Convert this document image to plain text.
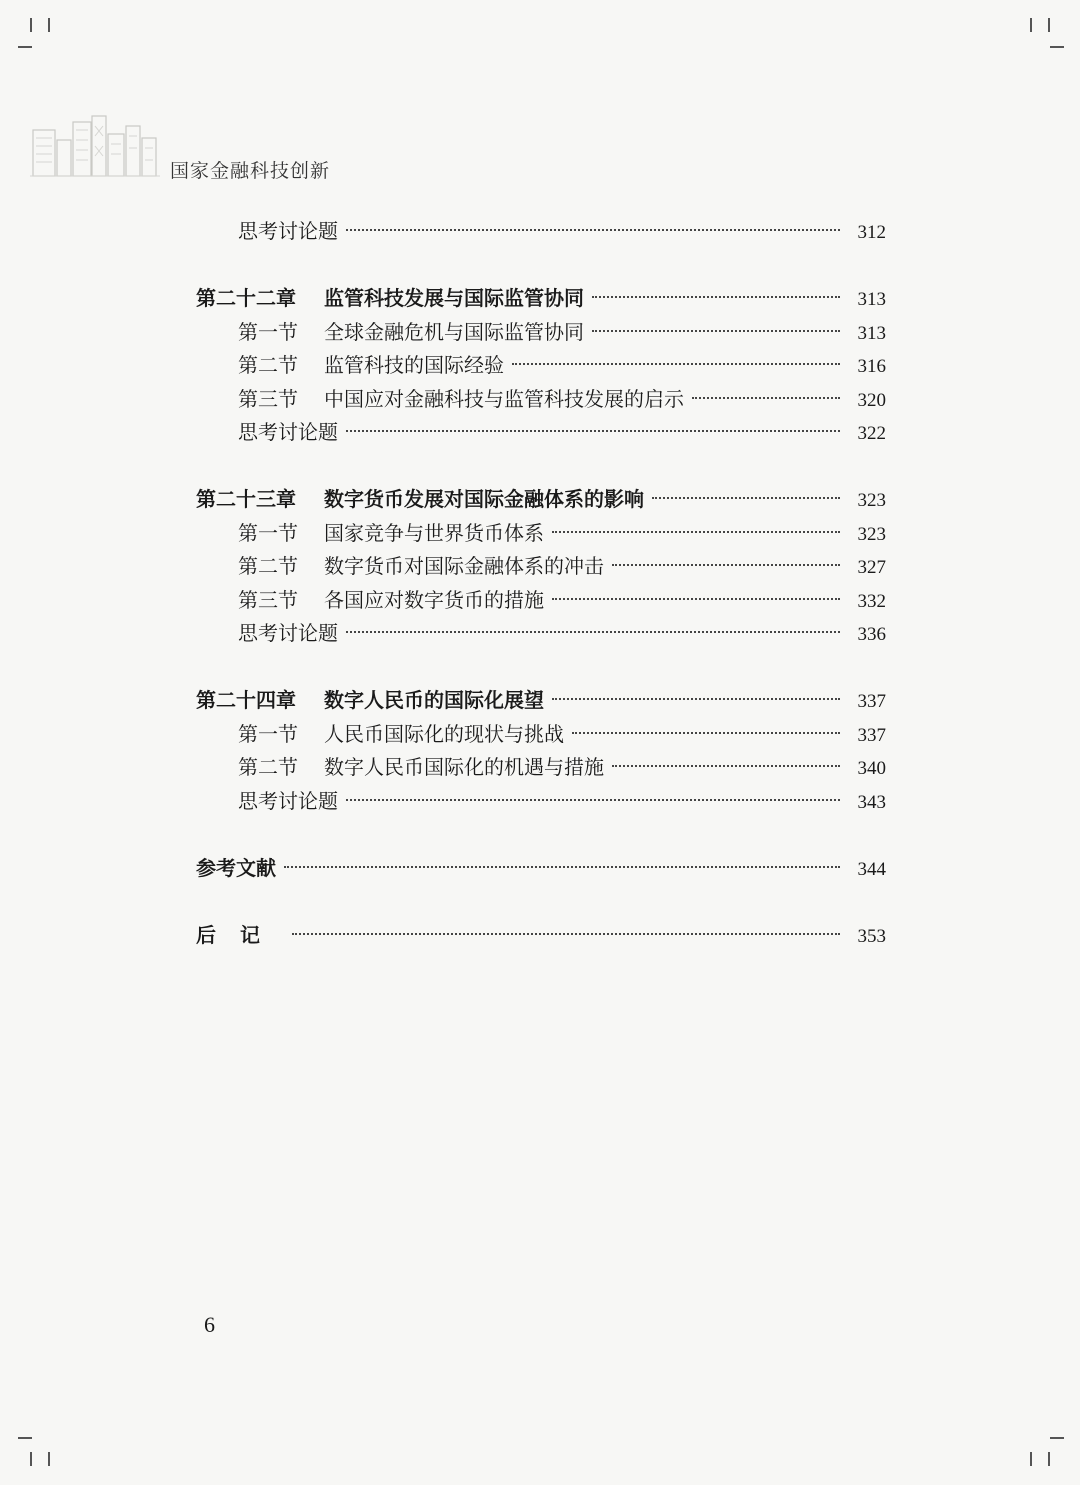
国家金融科技创新
思考讨论题	312
第二十二章	监管科技发展与国际监管协同	313
第一节	全球金融危机与国际监管协同	313
第二节	监管科技的国际经验	316
第三节	中国应对金融科技与监管科技发展的启示	320
思考讨论题	322
第二十三章	数字货币发展对国际金融体系的影响	323
第一节	国家竞争与世界货币体系	323
第二节	数字货币对国际金融体系的冲击	327
第三节	各国应对数字货币的措施	332
思考讨论题	336
第二十四章	数字人民币的国际化展望	337
第一节	人民币国际化的现状与挑战	337
第二节	数字人民币国际化的机遇与措施	340
思考讨论题	343
参考文献	344
后记	353
6
